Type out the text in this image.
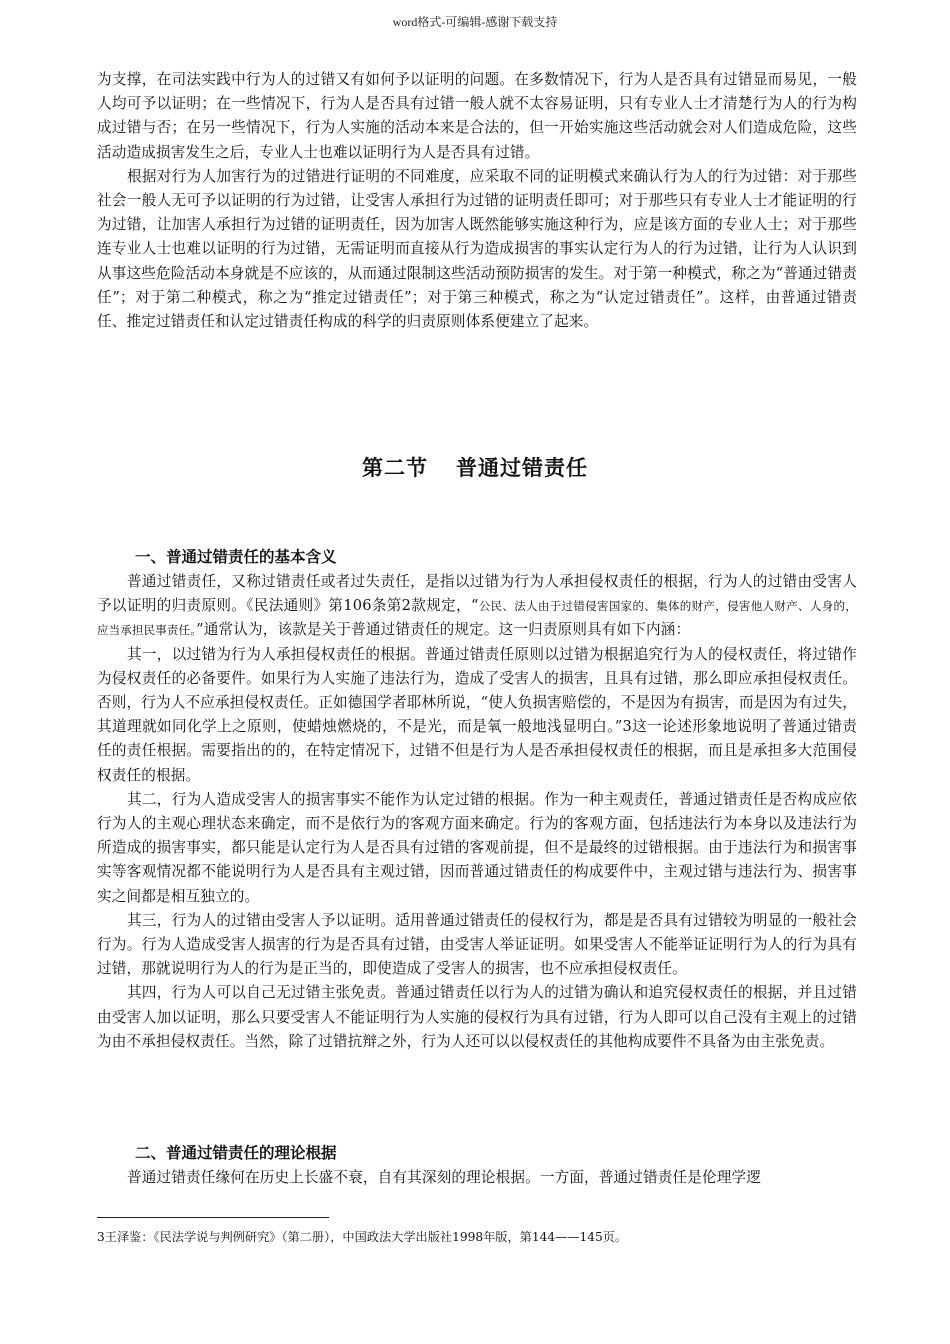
word格式-可编辑-感谢下载支持

为支撑，在司法实践中行为人的过错又有如何予以证明的问题。在多数情况下，行为人是否具有过错显而易见，一般人均可予以证明；在一些情况下，行为人是否具有过错一般人就不太容易证明，只有专业人士才清楚行为人的行为构成过错与否；在另一些情况下，行为人实施的活动本来是合法的，但一开始实施这些活动就会对人们造成危险，这些活动造成损害发生之后，专业人士也难以证明行为人是否具有过错。

根据对行为人加害行为的过错进行证明的不同难度，应采取不同的证明模式来确认行为人的行为过错：对于那些社会一般人无可予以证明的行为过错，让受害人承担行为过错的证明责任即可；对于那些只有专业人士才能证明的行为过错，让加害人承担行为过错的证明责任，因为加害人既然能够实施这种行为，应是该方面的专业人士；对于那些连专业人士也难以证明的行为过错，无需证明而直接从行为造成损害的事实认定行为人的行为过错，让行为人认识到从事这些危险活动本身就是不应该的，从而通过限制这些活动预防损害的发生。对于第一种模式，称之为“普通过错责任”；对于第二种模式，称之为“推定过错责任”；对于第三种模式，称之为“认定过错责任”。这样，由普通过错责任、推定过错责任和认定过错责任构成的科学的归责原则体系便建立了起来。

第二节 普通过错责任
一、普通过错责任的基本含义

普通过错责任，又称过错责任或者过失责任，是指以过错为行为人承担侵权责任的根据，行为人的过错由受害人予以证明的归责原则。《民法通则》第106条第2款规定，“公民、法人由于过错侵害国家的、集体的财产，侵害他人财产、人身的，应当承担民事责任。”通常认为，该款是关于普通过错责任的规定。这一归责原则具有如下内涵：

其一，以过错为行为人承担侵权责任的根据。普通过错责任原则以过错为根据追究行为人的侵权责任，将过错作为侵权责任的必备要件。如果行为人实施了违法行为，造成了受害人的损害，且具有过错，那么即应承担侵权责任。否则，行为人不应承担侵权责任。正如德国学者耶林所说，“使人负损害赔偿的，不是因为有损害，而是因为有过失，其道理就如同化学上之原则，使蜡烛燃烧的，不是光，而是氧一般地浅显明白。”3这一论述形象地说明了普通过错责任的责任根据。需要指出的的，在特定情况下，过错不但是行为人是否承担侵权责任的根据，而且是承担多大范围侵权责任的根据。

其二，行为人造成受害人的损害事实不能作为认定过错的根据。作为一种主观责任，普通过错责任是否构成应依行为人的主观心理状态来确定，而不是依行为的客观方面来确定。行为的客观方面，包括违法行为本身以及违法行为所造成的损害事实，都只能是认定行为人是否具有过错的客观前提，但不是最终的过错根据。由于违法行为和损害事实等客观情况都不能说明行为人是否具有主观过错，因而普通过错责任的构成要件中，主观过错与违法行为、损害事实之间都是相互独立的。

其三，行为人的过错由受害人予以证明。适用普通过错责任的侵权行为，都是是否具有过错较为明显的一般社会行为。行为人造成受害人损害的行为是否具有过错，由受害人举证证明。如果受害人不能举证证明行为人的行为具有过错，那就说明行为人的行为是正当的，即使造成了受害人的损害，也不应承担侵权责任。

其四，行为人可以自己无过错主张免责。普通过错责任以行为人的过错为确认和追究侵权责任的根据，并且过错由受害人加以证明，那么只要受害人不能证明行为人实施的侵权行为具有过错，行为人即可以自己没有主观上的过错为由不承担侵权责任。当然，除了过错抗辩之外，行为人还可以以侵权责任的其他构成要件不具备为由主张免责。

二、普通过错责任的理论根据

普通过错责任缘何在历史上长盛不衰，自有其深刻的理论根据。一方面，普通过错责任是伦理学逻

3王泽鉴：《民法学说与判例研究》（第二册），中国政法大学出版社1998年版，第144——145页。
